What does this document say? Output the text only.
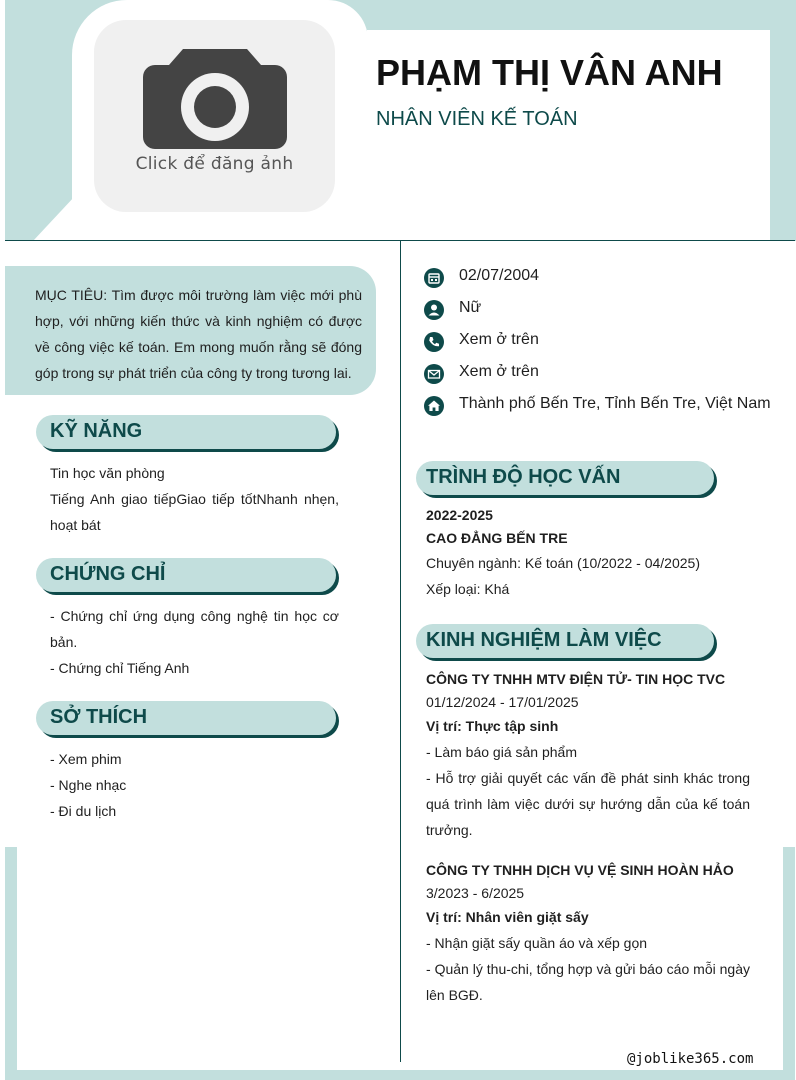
Click để đăng ảnh
PHẠM THỊ VÂN ANH
NHÂN VIÊN KẾ TOÁN

MỤC TIÊU: Tìm được môi trường làm việc mới phù hợp, với những kiến thức và kinh nghiệm có được về công việc kế toán. Em mong muốn rằng sẽ đóng góp trong sự phát triển của công ty trong tương lai.

KỸ NĂNG
Tin học văn phòng
Tiếng Anh giao tiếpGiao tiếp tốtNhanh nhẹn, hoạt bát
CHỨNG CHỈ
- Chứng chỉ ứng dụng công nghệ tin học cơ bản.
- Chứng chỉ Tiếng Anh
SỞ THÍCH
- Xem phim
- Nghe nhạc
- Đi du lịch
02/07/2004
Nữ
Xem ở trên
Xem ở trên
Thành phố Bến Tre, Tỉnh Bến Tre, Việt Nam
TRÌNH ĐỘ HỌC VẤN
2022-2025
CAO ĐẲNG BẾN TRE
Chuyên ngành: Kế toán (10/2022 - 04/2025)
Xếp loại: Khá
KINH NGHIỆM LÀM VIỆC
CÔNG TY TNHH MTV ĐIỆN TỬ- TIN HỌC TVC
01/12/2024 - 17/01/2025
Vị trí: Thực tập sinh
- Làm báo giá sản phẩm
- Hỗ trợ giải quyết các vấn đề phát sinh khác trong quá trình làm việc dưới sự hướng dẫn của kế toán trưởng.
CÔNG TY TNHH DỊCH VỤ VỆ SINH HOÀN HẢO
3/2023 - 6/2025
Vị trí: Nhân viên giặt sấy
- Nhận giặt sấy quần áo và xếp gọn
- Quản lý thu-chi, tổng hợp và gửi báo cáo mỗi ngày lên BGĐ.
@joblike365.com
